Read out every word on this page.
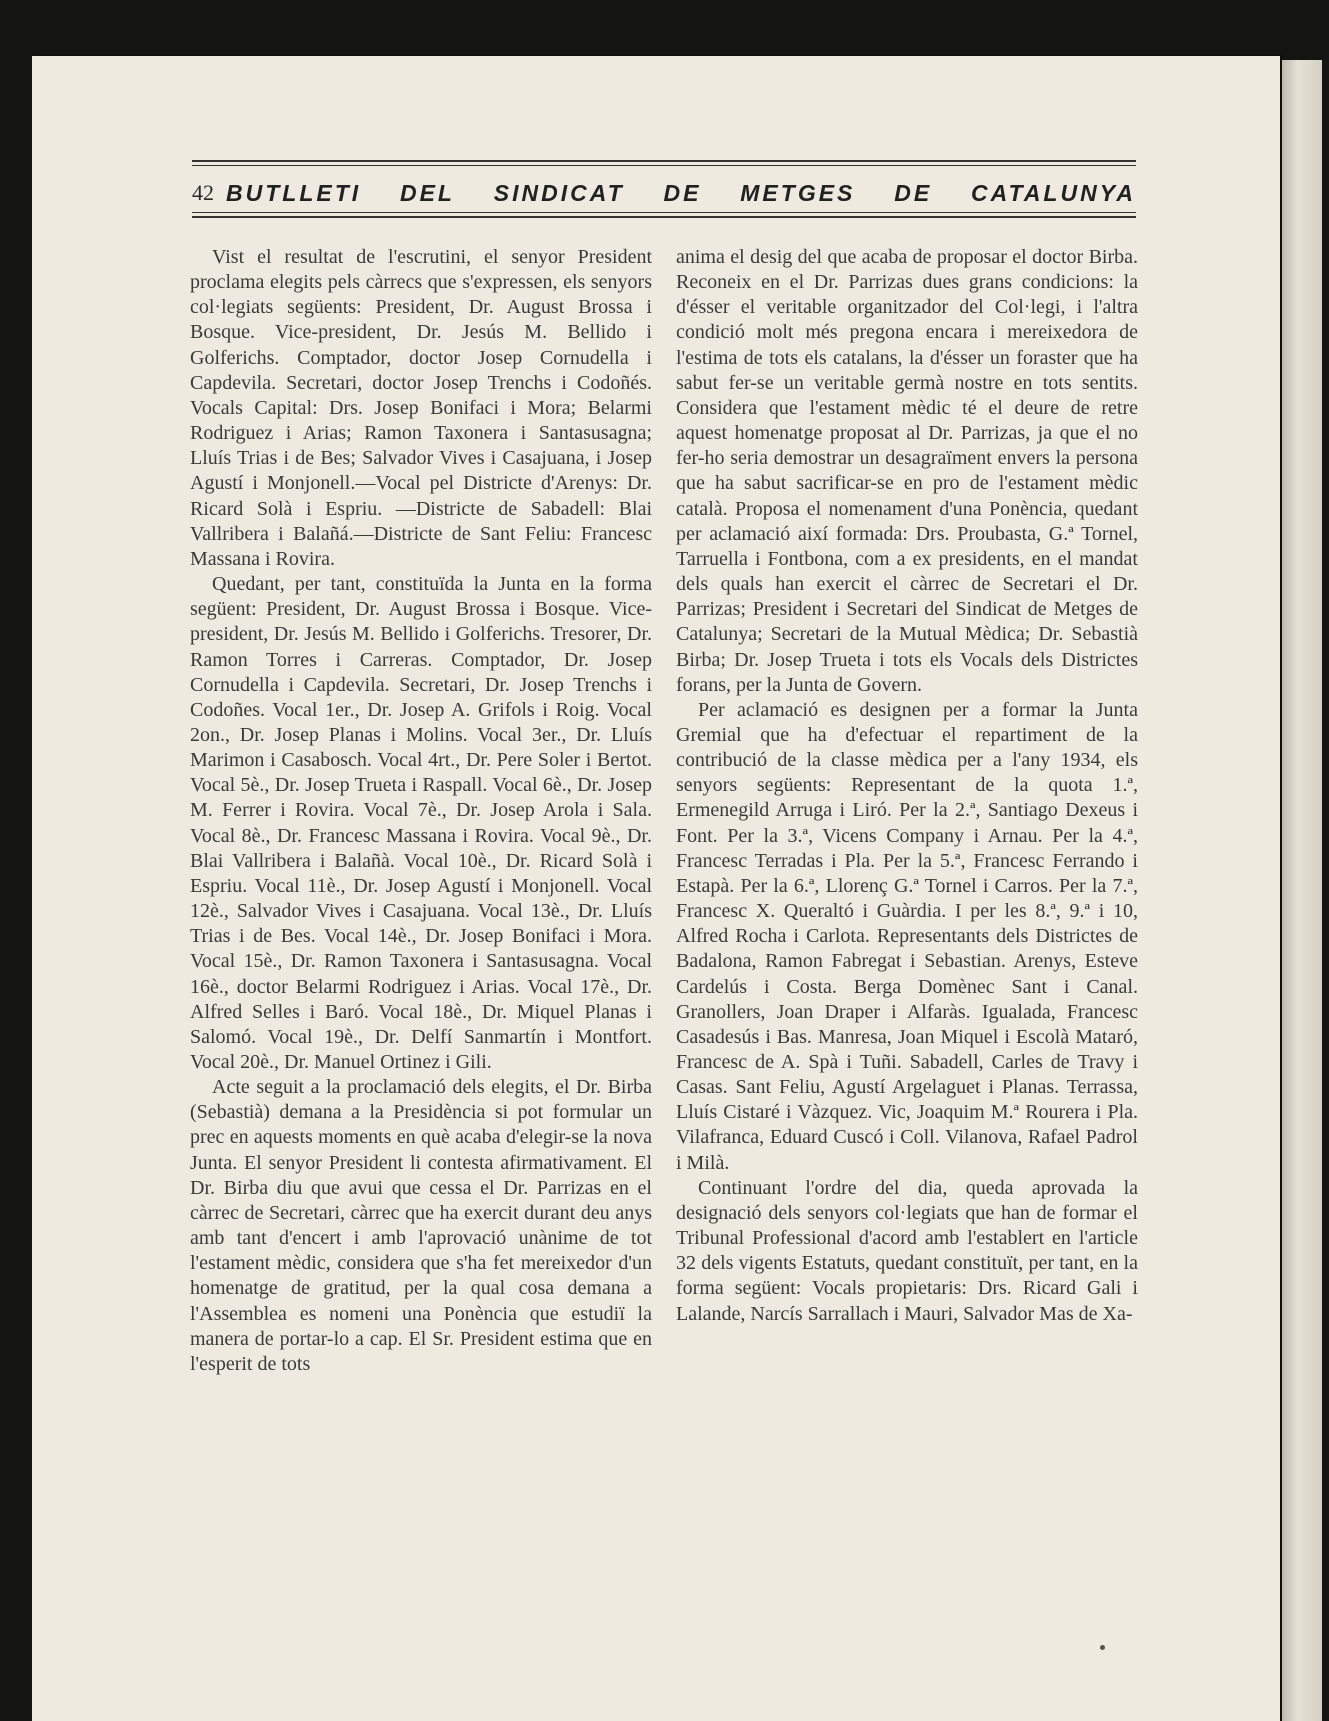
42 BUTLLETI DEL SINDICAT DE METGES DE CATALUNYA

Vist el resultat de l'escrutini, el senyor President proclama elegits pels càrrecs que s'expressen, els senyors col·legiats següents: President, Dr. August Brossa i Bosque. Vice-president, Dr. Jesús M. Bellido i Golferichs. Comptador, doctor Josep Cornudella i Capdevila. Secretari, doctor Josep Trenchs i Codoñés. Vocals Capital: Drs. Josep Bonifaci i Mora; Belarmi Rodriguez i Arias; Ramon Taxonera i Santasusagna; Lluís Trias i de Bes; Salvador Vives i Casajuana, i Josep Agustí i Monjonell.—Vocal pel Districte d'Arenys: Dr. Ricard Solà i Espriu. —Districte de Sabadell: Blai Vallribera i Balañá.—Districte de Sant Feliu: Francesc Massana i Rovira.

Quedant, per tant, constituïda la Junta en la forma següent: President, Dr. August Brossa i Bosque. Vice-president, Dr. Jesús M. Bellido i Golferichs. Tresorer, Dr. Ramon Torres i Carreras. Comptador, Dr. Josep Cornudella i Capdevila. Secretari, Dr. Josep Trenchs i Codoñes. Vocal 1er., Dr. Josep A. Grifols i Roig. Vocal 2on., Dr. Josep Planas i Molins. Vocal 3er., Dr. Lluís Marimon i Casabosch. Vocal 4rt., Dr. Pere Soler i Bertot. Vocal 5è., Dr. Josep Trueta i Raspall. Vocal 6è., Dr. Josep M. Ferrer i Rovira. Vocal 7è., Dr. Josep Arola i Sala. Vocal 8è., Dr. Francesc Massana i Rovira. Vocal 9è., Dr. Blai Vallribera i Balañà. Vocal 10è., Dr. Ricard Solà i Espriu. Vocal 11è., Dr. Josep Agustí i Monjonell. Vocal 12è., Salvador Vives i Casajuana. Vocal 13è., Dr. Lluís Trias i de Bes. Vocal 14è., Dr. Josep Bonifaci i Mora. Vocal 15è., Dr. Ramon Taxonera i Santasusagna. Vocal 16è., doctor Belarmi Rodriguez i Arias. Vocal 17è., Dr. Alfred Selles i Baró. Vocal 18è., Dr. Miquel Planas i Salomó. Vocal 19è., Dr. Delfí Sanmartín i Montfort. Vocal 20è., Dr. Manuel Ortinez i Gili.

Acte seguit a la proclamació dels elegits, el Dr. Birba (Sebastià) demana a la Presidència si pot formular un prec en aquests moments en què acaba d'elegir-se la nova Junta. El senyor President li contesta afirmativament. El Dr. Birba diu que avui que cessa el Dr. Parrizas en el càrrec de Secretari, càrrec que ha exercit durant deu anys amb tant d'encert i amb l'aprovació unànime de tot l'estament mèdic, considera que s'ha fet mereixedor d'un homenatge de gratitud, per la qual cosa demana a l'Assemblea es nomeni una Ponència que estudiï la manera de portar-lo a cap. El Sr. President estima que en l'esperit de tots

anima el desig del que acaba de proposar el doctor Birba. Reconeix en el Dr. Parrizas dues grans condicions: la d'ésser el veritable organitzador del Col·legi, i l'altra condició molt més pregona encara i mereixedora de l'estima de tots els catalans, la d'ésser un foraster que ha sabut fer-se un veritable germà nostre en tots sentits. Considera que l'estament mèdic té el deure de retre aquest homenatge proposat al Dr. Parrizas, ja que el no fer-ho seria demostrar un desagraïment envers la persona que ha sabut sacrificar-se en pro de l'estament mèdic català. Proposa el nomenament d'una Ponència, quedant per aclamació així formada: Drs. Proubasta, G.ª Tornel, Tarruella i Fontbona, com a ex presidents, en el mandat dels quals han exercit el càrrec de Secretari el Dr. Parrizas; President i Secretari del Sindicat de Metges de Catalunya; Secretari de la Mutual Mèdica; Dr. Sebastià Birba; Dr. Josep Trueta i tots els Vocals dels Districtes forans, per la Junta de Govern.

Per aclamació es designen per a formar la Junta Gremial que ha d'efectuar el repartiment de la contribució de la classe mèdica per a l'any 1934, els senyors següents: Representant de la quota 1.ª, Ermenegild Arruga i Liró. Per la 2.ª, Santiago Dexeus i Font. Per la 3.ª, Vicens Company i Arnau. Per la 4.ª, Francesc Terradas i Pla. Per la 5.ª, Francesc Ferrando i Estapà. Per la 6.ª, Llorenç G.ª Tornel i Carros. Per la 7.ª, Francesc X. Queraltó i Guàrdia. I per les 8.ª, 9.ª i 10, Alfred Rocha i Carlota. Representants dels Districtes de Badalona, Ramon Fabregat i Sebastian. Arenys, Esteve Cardelús i Costa. Berga Domènec Sant i Canal. Granollers, Joan Draper i Alfaràs. Igualada, Francesc Casadesús i Bas. Manresa, Joan Miquel i Escolà Mataró, Francesc de A. Spà i Tuñi. Sabadell, Carles de Travy i Casas. Sant Feliu, Agustí Argelaguet i Planas. Terrassa, Lluís Cistaré i Vàzquez. Vic, Joaquim M.ª Rourera i Pla. Vilafranca, Eduard Cuscó i Coll. Vilanova, Rafael Padrol i Milà.

Continuant l'ordre del dia, queda aprovada la designació dels senyors col·legiats que han de formar el Tribunal Professional d'acord amb l'establert en l'article 32 dels vigents Estatuts, quedant constituït, per tant, en la forma següent: Vocals propietaris: Drs. Ricard Gali i Lalande, Narcís Sarrallach i Mauri, Salvador Mas de Xa-
